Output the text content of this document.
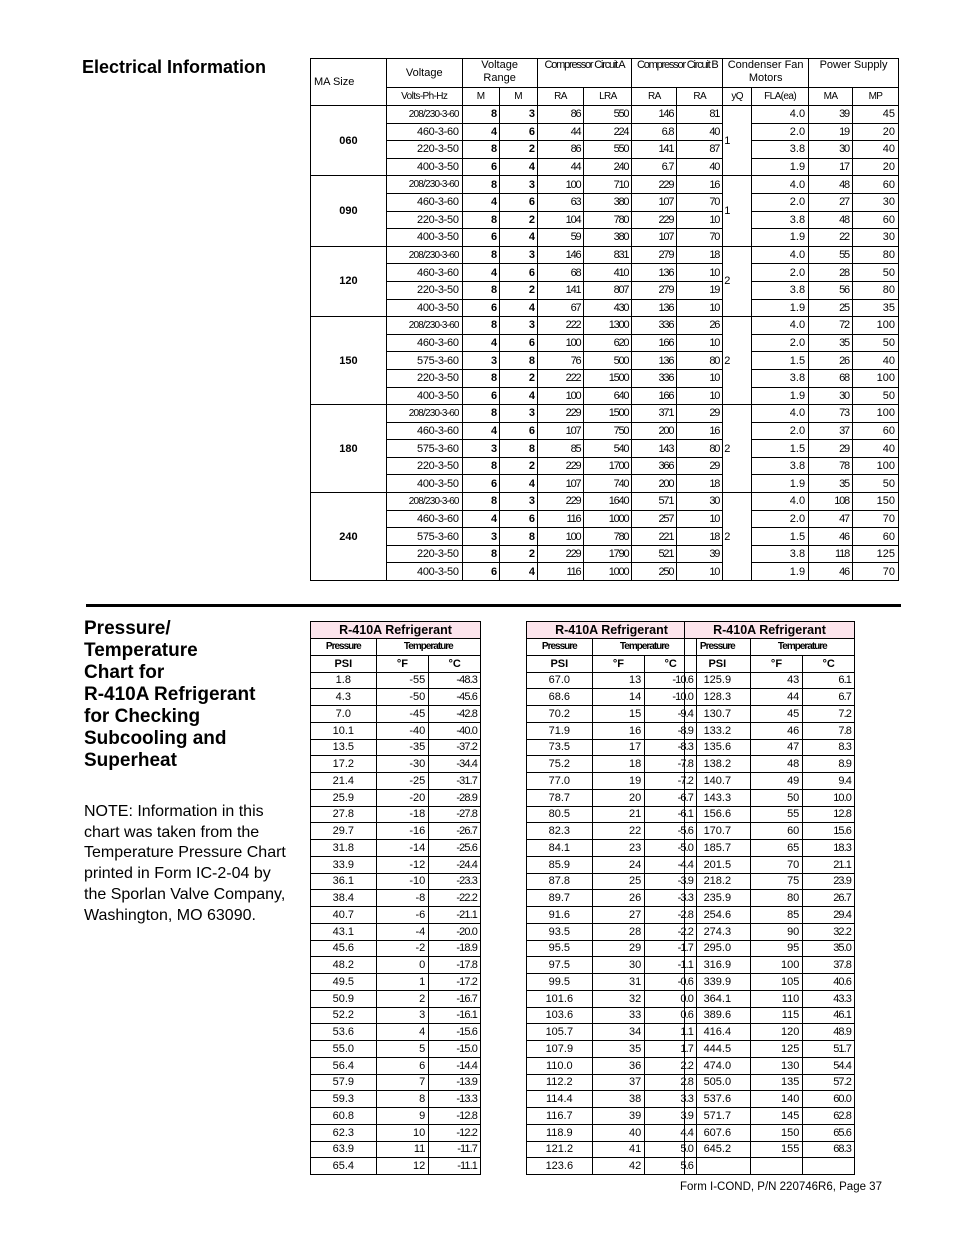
Electrical Information
MA Size	Voltage	Voltage Range		Compressor Circuit A		Compressor Circuit B		Condenser Fan Motors		Power Supply	
	Volts-Ph-Hz	M	M	RA	LRA	RA	RA	yQ	FLA(ea)	MA	MP
060	208/230-3-60	8	3	86	550	146	81	1	4.0	39	45
	460-3-60	4	6	44	224	6.8	40		2.0	19	20
	220-3-50	8	2	86	550	141	87		3.8	30	40
	400-3-50	6	4	44	240	6.7	40		1.9	17	20
090	208/230-3-60	8	3	100	710	229	16	1	4.0	48	60
	460-3-60	4	6	63	380	107	70		2.0	27	30
	220-3-50	8	2	104	780	229	10		3.8	48	60
	400-3-50	6	4	59	380	107	70		1.9	22	30
120	208/230-3-60	8	3	146	831	279	18	2	4.0	55	80
	460-3-60	4	6	68	410	136	10		2.0	28	50
	220-3-50	8	2	141	807	279	19		3.8	56	80
	400-3-50	6	4	67	430	136	10		1.9	25	35
150	208/230-3-60	8	3	222	1300	336	26	2	4.0	72	100
	460-3-60	4	6	100	620	166	10		2.0	35	50
	575-3-60	3	8	76	500	136	80		1.5	26	40
	220-3-50	8	2	222	1500	336	10		3.8	68	100
	400-3-50	6	4	100	640	166	10		1.9	30	50
180	208/230-3-60	8	3	229	1500	371	29	2	4.0	73	100
	460-3-60	4	6	107	750	200	16		2.0	37	60
	575-3-60	3	8	85	540	143	80		1.5	29	40
	220-3-50	8	2	229	1700	366	29		3.8	78	100
	400-3-50	6	4	107	740	200	18		1.9	35	50
240	208/230-3-60	8	3	229	1640	571	30	2	4.0	108	150
	460-3-60	4	6	116	1000	257	10		2.0	47	70
	575-3-60	3	8	100	780	221	18		1.5	46	60
	220-3-50	8	2	229	1790	521	39		3.8	118	125
	400-3-50	6	4	116	1000	250	10		1.9	46	70
Pressure/
Temperature
Chart for
R-410A Refrigerant
for Checking
Subcooling and
Superheat
NOTE: Information in this chart was taken from the Temperature Pressure Chart printed in Form IC-2-04 by the Sporlan Valve Company, Washington, MO 63090.
R-410A Refrigerant		
Pressure	Temperature	
PSI	°F	°C
1.8	-55	-48.3
4.3	-50	-45.6
7.0	-45	-42.8
10.1	-40	-40.0
13.5	-35	-37.2
17.2	-30	-34.4
21.4	-25	-31.7
25.9	-20	-28.9
27.8	-18	-27.8
29.7	-16	-26.7
31.8	-14	-25.6
33.9	-12	-24.4
36.1	-10	-23.3
38.4	-8	-22.2
40.7	-6	-21.1
43.1	-4	-20.0
45.6	-2	-18.9
48.2	0	-17.8
49.5	1	-17.2
50.9	2	-16.7
52.2	3	-16.1
53.6	4	-15.6
55.0	5	-15.0
56.4	6	-14.4
57.9	7	-13.9
59.3	8	-13.3
60.8	9	-12.8
62.3	10	-12.2
63.9	11	-11.7
65.4	12	-11.1
R-410A Refrigerant		
Pressure	Temperature	
PSI	°F	°C
67.0	13	-10.6
68.6	14	-10.0
70.2	15	-9.4
71.9	16	-8.9
73.5	17	-8.3
75.2	18	-7.8
77.0	19	-7.2
78.7	20	-6.7
80.5	21	-6.1
82.3	22	-5.6
84.1	23	-5.0
85.9	24	-4.4
87.8	25	-3.9
89.7	26	-3.3
91.6	27	-2.8
93.5	28	-2.2
95.5	29	-1.7
97.5	30	-1.1
99.5	31	-0.6
101.6	32	0.0
103.6	33	0.6
105.7	34	1.1
107.9	35	1.7
110.0	36	2.2
112.2	37	2.8
114.4	38	3.3
116.7	39	3.9
118.9	40	4.4
121.2	41	5.0
123.6	42	5.6
R-410A Refrigerant		
Pressure	Temperature	
PSI	°F	°C
125.9	43	6.1
128.3	44	6.7
130.7	45	7.2
133.2	46	7.8
135.6	47	8.3
138.2	48	8.9
140.7	49	9.4
143.3	50	10.0
156.6	55	12.8
170.7	60	15.6
185.7	65	18.3
201.5	70	21.1
218.2	75	23.9
235.9	80	26.7
254.6	85	29.4
274.3	90	32.2
295.0	95	35.0
316.9	100	37.8
339.9	105	40.6
364.1	110	43.3
389.6	115	46.1
416.4	120	48.9
444.5	125	51.7
474.0	130	54.4
505.0	135	57.2
537.6	140	60.0
571.7	145	62.8
607.6	150	65.6
645.2	155	68.3

Form I-COND, P/N 220746R6, Page 37
